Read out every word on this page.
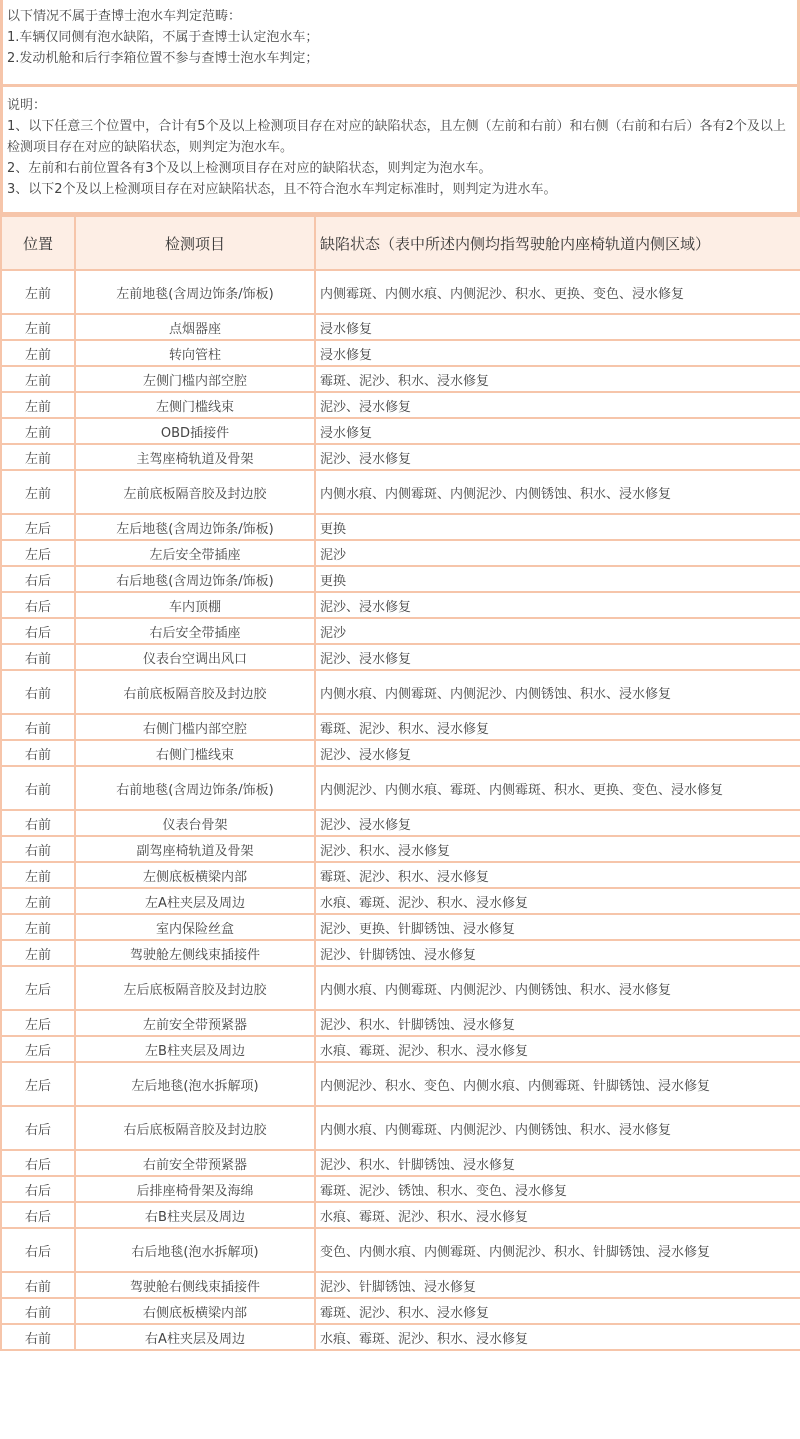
以下情况不属于查博士泡水车判定范畴：
1.车辆仅同侧有泡水缺陷，不属于查博士认定泡水车；
2.发动机舱和后行李箱位置不参与查博士泡水车判定；
说明：
1、以下任意三个位置中，合计有5个及以上检测项目存在对应的缺陷状态，且左侧（左前和右前）和右侧（右前和右后）各有2个及以上检测项目存在对应的缺陷状态，则判定为泡水车。
2、左前和右前位置各有3个及以上检测项目存在对应的缺陷状态，则判定为泡水车。
3、以下2个及以上检测项目存在对应缺陷状态，且不符合泡水车判定标准时，则判定为进水车。
位置	检测项目	缺陷状态（表中所述内侧均指驾驶舱内座椅轨道内侧区域）
左前	左前地毯(含周边饰条/饰板)	内侧霉斑、内侧水痕、内侧泥沙、积水、更换、变色、浸水修复
左前	点烟器座	浸水修复
左前	转向管柱	浸水修复
左前	左侧门槛内部空腔	霉斑、泥沙、积水、浸水修复
左前	左侧门槛线束	泥沙、浸水修复
左前	OBD插接件	浸水修复
左前	主驾座椅轨道及骨架	泥沙、浸水修复
左前	左前底板隔音胶及封边胶	内侧水痕、内侧霉斑、内侧泥沙、内侧锈蚀、积水、浸水修复
左后	左后地毯(含周边饰条/饰板)	更换
左后	左后安全带插座	泥沙
右后	右后地毯(含周边饰条/饰板)	更换
右后	车内顶棚	泥沙、浸水修复
右后	右后安全带插座	泥沙
右前	仪表台空调出风口	泥沙、浸水修复
右前	右前底板隔音胶及封边胶	内侧水痕、内侧霉斑、内侧泥沙、内侧锈蚀、积水、浸水修复
右前	右侧门槛内部空腔	霉斑、泥沙、积水、浸水修复
右前	右侧门槛线束	泥沙、浸水修复
右前	右前地毯(含周边饰条/饰板)	内侧泥沙、内侧水痕、霉斑、内侧霉斑、积水、更换、变色、浸水修复
右前	仪表台骨架	泥沙、浸水修复
右前	副驾座椅轨道及骨架	泥沙、积水、浸水修复
左前	左侧底板横梁内部	霉斑、泥沙、积水、浸水修复
左前	左A柱夹层及周边	水痕、霉斑、泥沙、积水、浸水修复
左前	室内保险丝盒	泥沙、更换、针脚锈蚀、浸水修复
左前	驾驶舱左侧线束插接件	泥沙、针脚锈蚀、浸水修复
左后	左后底板隔音胶及封边胶	内侧水痕、内侧霉斑、内侧泥沙、内侧锈蚀、积水、浸水修复
左后	左前安全带预紧器	泥沙、积水、针脚锈蚀、浸水修复
左后	左B柱夹层及周边	水痕、霉斑、泥沙、积水、浸水修复
左后	左后地毯(泡水拆解项)	内侧泥沙、积水、变色、内侧水痕、内侧霉斑、针脚锈蚀、浸水修复
右后	右后底板隔音胶及封边胶	内侧水痕、内侧霉斑、内侧泥沙、内侧锈蚀、积水、浸水修复
右后	右前安全带预紧器	泥沙、积水、针脚锈蚀、浸水修复
右后	后排座椅骨架及海绵	霉斑、泥沙、锈蚀、积水、变色、浸水修复
右后	右B柱夹层及周边	水痕、霉斑、泥沙、积水、浸水修复
右后	右后地毯(泡水拆解项)	变色、内侧水痕、内侧霉斑、内侧泥沙、积水、针脚锈蚀、浸水修复
右前	驾驶舱右侧线束插接件	泥沙、针脚锈蚀、浸水修复
右前	右侧底板横梁内部	霉斑、泥沙、积水、浸水修复
右前	右A柱夹层及周边	水痕、霉斑、泥沙、积水、浸水修复
